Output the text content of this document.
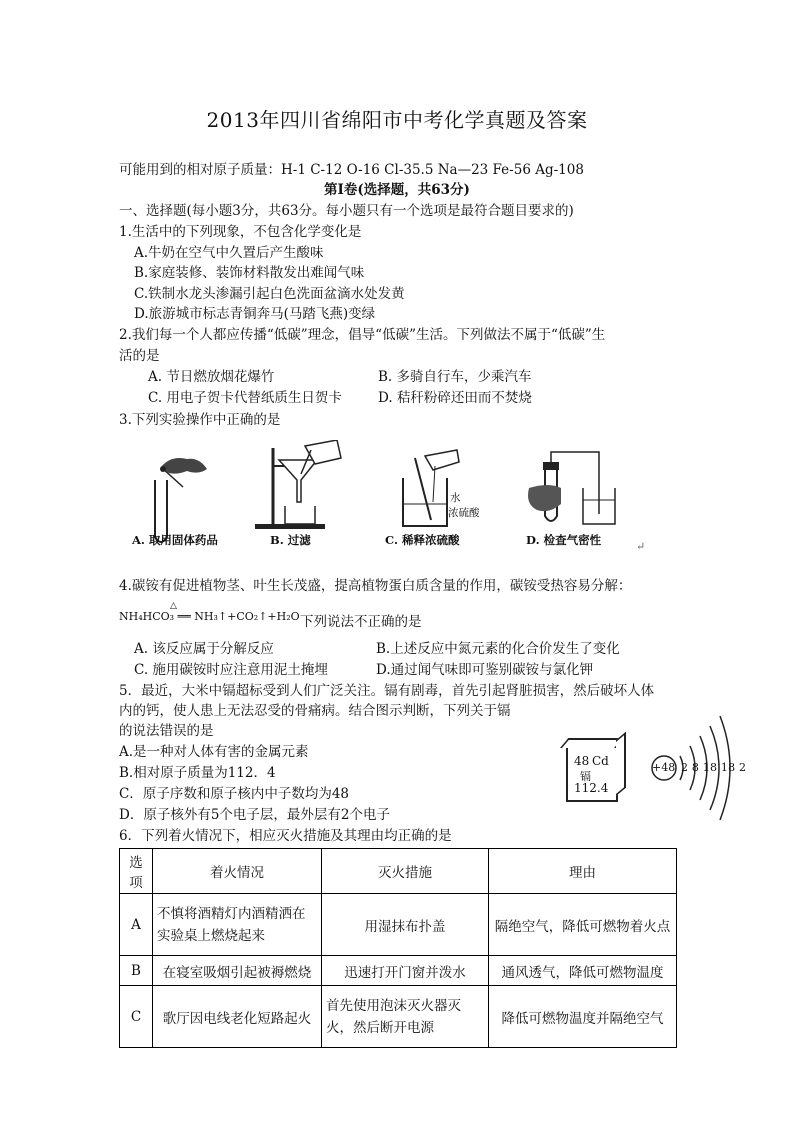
2013年四川省绵阳市中考化学真题及答案
可能用到的相对原子质量：H-1 C-12 O-16 Cl-35.5 Na—23 Fe-56 Ag-108
第Ⅰ卷(选择题，共63分)
一、选择题(每小题3分，共63分。每小题只有一个选项是最符合题目要求的)
1.生活中的下列现象，不包含化学变化是
A.牛奶在空气中久置后产生酸味
B.家庭装修、装饰材料散发出难闻气味
C.铁制水龙头渗漏引起白色洗面盆滴水处发黄
D.旅游城市标志青铜奔马(马踏飞燕)变绿
2.我们每一个人都应传播“低碳”理念，倡导“低碳”生活。下列做法不属于“低碳”生
活的是
A. 节日燃放烟花爆竹	B. 多骑自行车，少乘汽车
C. 用电子贺卡代替纸质生日贺卡	D. 秸秆粉碎还田而不焚烧
3.下列实验操作中正确的是
A. 取用固体药品	B. 过滤
水
浓硫酸
C. 稀释浓硫酸	D. 检查气密性	↵
4.碳铵有促进植物茎、叶生长茂盛，提高植物蛋白质含量的作用，碳铵受热容易分解：
NH₄HCO₃ ══ NH₃↑+CO₂↑+H₂O
△
下列说法不正确的是
A. 该反应属于分解反应	B.上述反应中氮元素的化合价发生了变化
C. 施用碳铵时应注意用泥土掩埋	D.通过闻气味即可鉴别碳铵与氯化钾
5．最近，大米中镉超标受到人们广泛关注。镉有剧毒，首先引起肾脏损害，然后破坏人体
内的钙，使人患上无法忍受的骨痛病。结合图示判断，下列关于镉
的说法错误的是
A.是一种对人体有害的金属元素
B.相对原子质量为112．4
C．原子序数和原子核内中子数均为48
D．原子核外有5个电子层，最外层有2个电子
48 Cd
镉
112.4
+48 2 8 18 18 2
6．下列着火情况下，相应灭火措施及其理由均正确的是
选项	着火情况	灭火措施	理由
A	不慎将酒精灯内酒精洒在实验桌上燃烧起来	用湿抹布扑盖	隔绝空气，降低可燃物着火点
B	在寝室吸烟引起被褥燃烧	迅速打开门窗并泼水	通风透气，降低可燃物温度
C	歌厅因电线老化短路起火	首先使用泡沫灭火器灭火，然后断开电源	降低可燃物温度并隔绝空气
